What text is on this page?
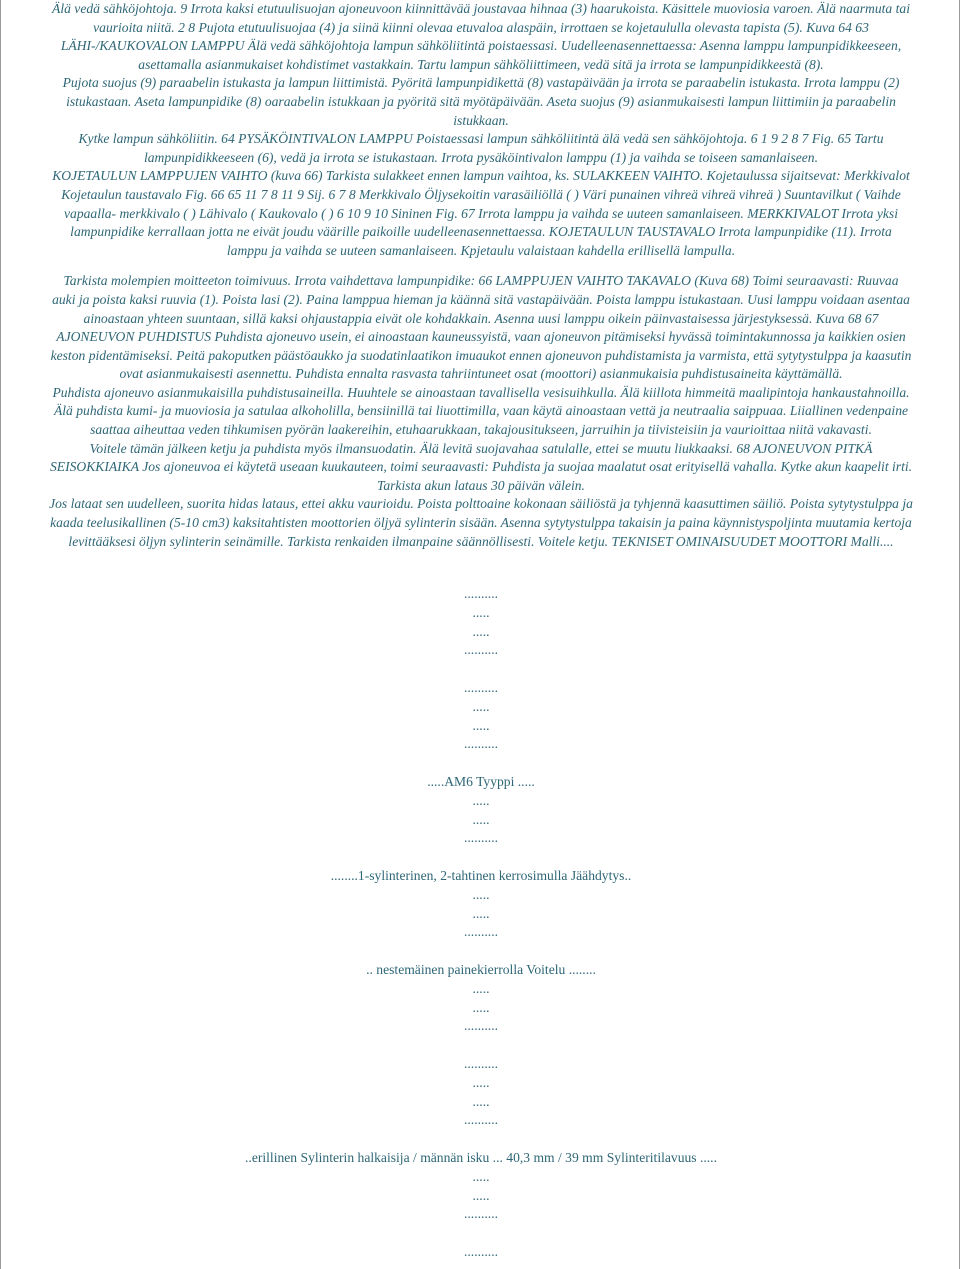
Älä vedä sähköjohtoja. 9 Irrota kaksi etutuulisuojan ajoneuvoon kiinnittävää joustavaa hihnaa (3) haarukoista. Käsittele muoviosia varoen. Älä naarmuta tai
vaurioita niitä. 2 8 Pujota etutuulisuojaa (4) ja siinä kiinni olevaa etuvaloa alaspäin, irrottaen se kojetaululla olevasta tapista (5). Kuva 64 63
LÄHI-/KAUKOVALON LAMPPU Älä vedä sähköjohtoja lampun sähköliitintä poistaessasi. Uudelleenasennettaessa: Asenna lamppu lampunpidikkeeseen,
asettamalla asianmukaiset kohdistimet vastakkain. Tartu lampun sähköliittimeen, vedä sitä ja irrota se lampunpidikkeestä (8).
Pujota suojus (9) paraabelin istukasta ja lampun liittimistä. Pyöritä lampunpidikettä (8) vastapäivään ja irrota se paraabelin istukasta. Irrota lamppu (2)
istukastaan. Aseta lampunpidike (8) oaraabelin istukkaan ja pyöritä sitä myötäpäivään. Aseta suojus (9) asianmukaisesti lampun liittimiin ja paraabelin
istukkaan.
Kytke lampun sähköliitin. 64 PYSÄKÖINTIVALON LAMPPU Poistaessasi lampun sähköliitintä älä vedä sen sähköjohtoja. 6 1 9 2 8 7 Fig. 65 Tartu
lampunpidikkeeseen (6), vedä ja irrota se istukastaan. Irrota pysäköintivalon lamppu (1) ja vaihda se toiseen samanlaiseen.
KOJETAULUN LAMPPUJEN VAIHTO (kuva 66) Tarkista sulakkeet ennen lampun vaihtoa, ks. SULAKKEEN VAIHTO. Kojetaulussa sijaitsevat: Merkkivalot
Kojetaulun taustavalo Fig. 66 65 11 7 8 11 9 Sij. 6 7 8 Merkkivalo Öljysekoitin varasäiliöllä ( ) Väri punainen vihreä vihreä vihreä ) Suuntavilkut ( Vaihde
vapaalla- merkkivalo ( ) Lähivalo ( Kaukovalo ( ) 6 10 9 10 Sininen Fig. 67 Irrota lamppu ja vaihda se uuteen samanlaiseen. MERKKIVALOT Irrota yksi
lampunpidike kerrallaan jotta ne eivät joudu väärille paikoille uudelleenasennettaessa. KOJETAULUN TAUSTAVALO Irrota lampunpidike (11). Irrota
lamppu ja vaihda se uuteen samanlaiseen. Kpjetaulu valaistaan kahdella erillisellä lampulla.
Tarkista molempien moitteeton toimivuus. Irrota vaihdettava lampunpidike: 66 LAMPPUJEN VAIHTO TAKAVALO (Kuva 68) Toimi seuraavasti: Ruuvaa
auki ja poista kaksi ruuvia (1). Poista lasi (2). Paina lamppua hieman ja käännä sitä vastapäivään. Poista lamppu istukastaan. Uusi lamppu voidaan asentaa
ainoastaan yhteen suuntaan, sillä kaksi ohjaustappia eivät ole kohdakkain. Asenna uusi lamppu oikein päinvastaisessa järjestyksessä. Kuva 68 67
AJONEUVON PUHDISTUS Puhdista ajoneuvo usein, ei ainoastaan kauneussyistä, vaan ajoneuvon pitämiseksi hyvässä toimintakunnossa ja kaikkien osien
keston pidentämiseksi. Peitä pakoputken päästöaukko ja suodatinlaatikon imuaukot ennen ajoneuvon puhdistamista ja varmista, että sytytystulppa ja kaasutin
ovat asianmukaisesti asennettu. Puhdista ennalta rasvasta tahriintuneet osat (moottori) asianmukaisia puhdistusaineita käyttämällä.
Puhdista ajoneuvo asianmukaisilla puhdistusaineilla. Huuhtele se ainoastaan tavallisella vesisuihkulla. Älä kiillota himmeitä maalipintoja hankaustahnoilla.
Älä puhdista kumi- ja muoviosia ja satulaa alkoholilla, bensiinillä tai liuottimilla, vaan käytä ainoastaan vettä ja neutraalia saippuaa. Liiallinen vedenpaine
saattaa aiheuttaa veden tihkumisen pyörän laakereihin, etuhaarukkaan, takajousitukseen, jarruihin ja tiivisteisiin ja vaurioittaa niitä vakavasti.
Voitele tämän jälkeen ketju ja puhdista myös ilmansuodatin. Älä levitä suojavahaa satulalle, ettei se muutu liukkaaksi. 68 AJONEUVON PITKÄ
SEISOKKIAIKA Jos ajoneuvoa ei käytetä useaan kuukauteen, toimi seuraavasti: Puhdista ja suojaa maalatut osat erityisellä vahalla. Kytke akun kaapelit irti.
Tarkista akun lataus 30 päivän välein.
Jos lataat sen uudelleen, suorita hidas lataus, ettei akku vaurioidu. Poista polttoaine kokonaan säiliöstä ja tyhjennä kaasuttimen säiliö. Poista sytytystulppa ja
kaada teelusikallinen (5-10 cm3) kaksitahtisten moottorien öljyä sylinterin sisään. Asenna sytytystulppa takaisin ja paina käynnistyspoljinta muutamia kertoja
levittääksesi öljyn sylinterin seinämille. Tarkista renkaiden ilmanpaine säännöllisesti. Voitele ketju. TEKNISET OMINAISUUDET MOOTTORI Malli....
..........
.....
.....
..........
..........
.....
.....
..........
.....AM6 Tyyppi .....
.....
.....
..........
........1-sylinterinen, 2-tahtinen kerrosimulla Jäähdytys..
.....
.....
..........
.. nestemäinen painekierrolla Voitelu ........
.....
.....
..........
..........
.....
.....
..........
..erillinen Sylinterin halkaisija / männän isku ... 40,3 mm / 39 mm Sylinteritilavuus .....
.....
.....
..........
..........
